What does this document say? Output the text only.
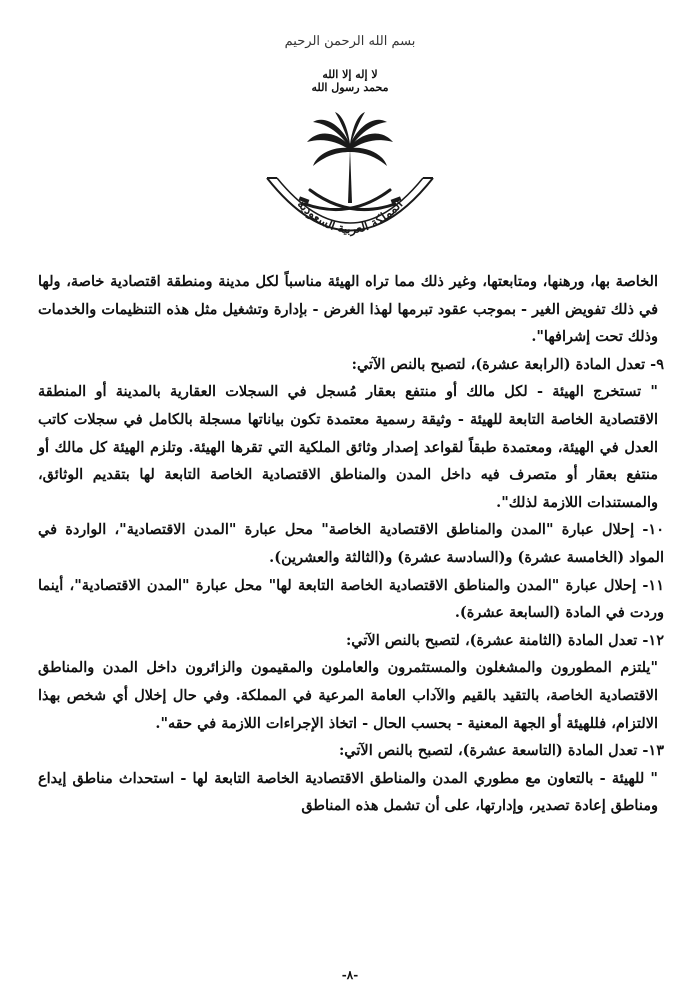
بسم الله الرحمن الرحيم
لا إله إلا الله
محمد رسول الله
المملكة العربية السعودية

الخاصة بها، ورهنها، ومتابعتها، وغير ذلك مما تراه الهيئة مناسباً لكل مدينة ومنطقة اقتصادية خاصة، ولها في ذلك تفويض الغير - بموجب عقود تبرمها لهذا الغرض - بإدارة وتشغيل مثل هذه التنظيمات والخدمات وذلك تحت إشرافها".

٩- تعدل المادة (الرابعة عشرة)، لتصبح بالنص الآتي:

" تستخرج الهيئة - لكل مالك أو منتفع بعقار مُسجل في السجلات العقارية بالمدينة أو المنطقة الاقتصادية الخاصة التابعة للهيئة - وثيقة رسمية معتمدة تكون بياناتها مسجلة بالكامل في سجلات كاتب العدل في الهيئة، ومعتمدة طبقاً لقواعد إصدار وثائق الملكية التي تقرها الهيئة. وتلزم الهيئة كل مالك أو منتفع بعقار أو متصرف فيه داخل المدن والمناطق الاقتصادية الخاصة التابعة لها بتقديم الوثائق، والمستندات اللازمة لذلك".

١٠- إحلال عبارة "المدن والمناطق الاقتصادية الخاصة" محل عبارة "المدن الاقتصادية"، الواردة في المواد (الخامسة عشرة) و(السادسة عشرة) و(الثالثة والعشرين).

١١- إحلال عبارة "المدن والمناطق الاقتصادية الخاصة التابعة لها" محل عبارة "المدن الاقتصادية"، أينما وردت في المادة (السابعة عشرة).

١٢- تعدل المادة (الثامنة عشرة)، لتصبح بالنص الآتي:

"يلتزم المطورون والمشغلون والمستثمرون والعاملون والمقيمون والزائرون داخل المدن والمناطق الاقتصادية الخاصة، بالتقيد بالقيم والآداب العامة المرعية في المملكة. وفي حال إخلال أي شخص بهذا الالتزام، فللهيئة أو الجهة المعنية - بحسب الحال - اتخاذ الإجراءات اللازمة في حقه".

١٣- تعدل المادة (التاسعة عشرة)، لتصبح بالنص الآتي:

" للهيئة - بالتعاون مع مطوري المدن والمناطق الاقتصادية الخاصة التابعة لها - استحداث مناطق إيداع ومناطق إعادة تصدير، وإدارتها، على أن تشمل هذه المناطق

-٨-
